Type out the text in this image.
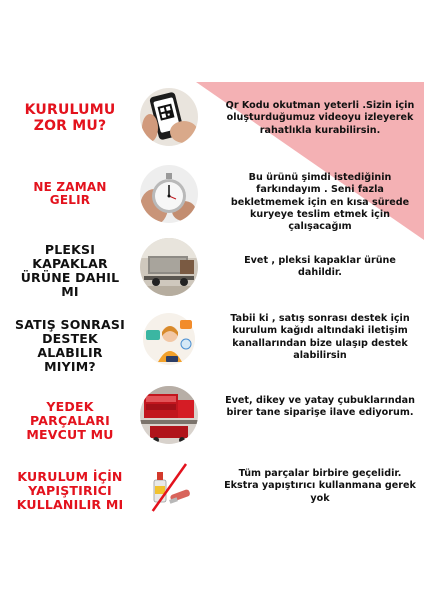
KURULUMU
ZOR MU?
Qr Kodu okutman yeterli .Sizin için oluşturduğumuz videoyu izleyerek rahatlıkla kurabilirsin.
NE ZAMAN
GELIR
Bu ürünü şimdi istediğinin farkındayım . Seni fazla bekletmemek için en kısa sürede kuryeye teslim etmek için çalışacağım
PLEKSI
KAPAKLAR
ÜRÜNE DAHIL
MI
Evet , pleksi kapaklar ürüne dahildir.
SATIŞ SONRASI
DESTEK
ALABILIR
MIYIM?
Tabii ki , satış sonrası destek için kurulum kağıdı altındaki iletişim kanallarından bize ulaşıp destek alabilirsin
YEDEK
PARÇALARI
MEVCUT MU
Evet, dikey ve yatay çubuklarından birer tane siparişe ilave ediyorum.
KURULUM İÇİN
YAPIŞTIRICI
KULLANILIR MI
Tüm parçalar birbire geçelidir. Ekstra yapıştırıcı kullanmana gerek yok
